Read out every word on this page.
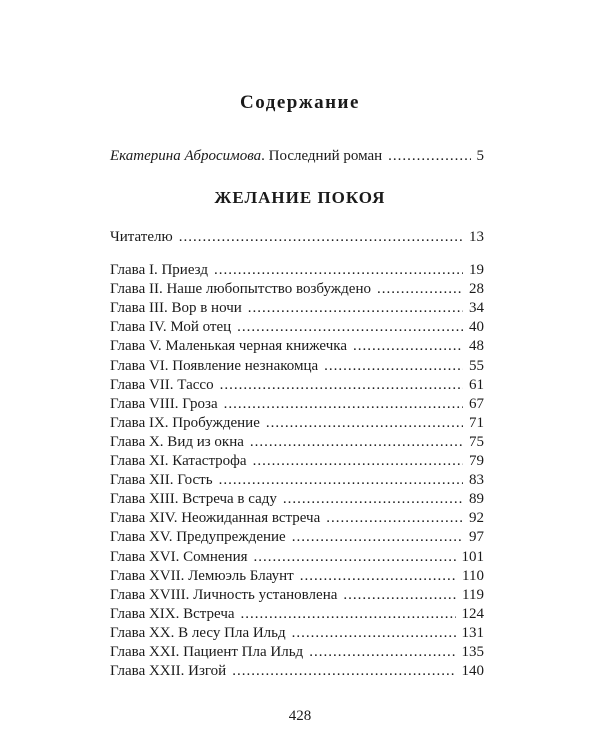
Содержание
Екатерина Абросимова. Последний роман .....	5
ЖЕЛАНИЕ ПОКОЯ
Читателю .....	13
Глава I. Приезд .....	19
Глава II. Наше любопытство возбуждено .....	28
Глава III. Вор в ночи .....	34
Глава IV. Мой отец .....	40
Глава V. Маленькая черная книжечка .....	48
Глава VI. Появление незнакомца .....	55
Глава VII. Тассо .....	61
Глава VIII. Гроза .....	67
Глава IX. Пробуждение .....	71
Глава X. Вид из окна .....	75
Глава XI. Катастрофа .....	79
Глава XII. Гость .....	83
Глава XIII. Встреча в саду .....	89
Глава XIV. Неожиданная встреча .....	92
Глава XV. Предупреждение .....	97
Глава XVI. Сомнения .....	101
Глава XVII. Лемюэль Блаунт .....	110
Глава XVIII. Личность установлена .....	119
Глава XIX. Встреча .....	124
Глава XX. В лесу Пла Ильд .....	131
Глава XXI. Пациент Пла Ильд .....	135
Глава XXII. Изгой .....	140
428
